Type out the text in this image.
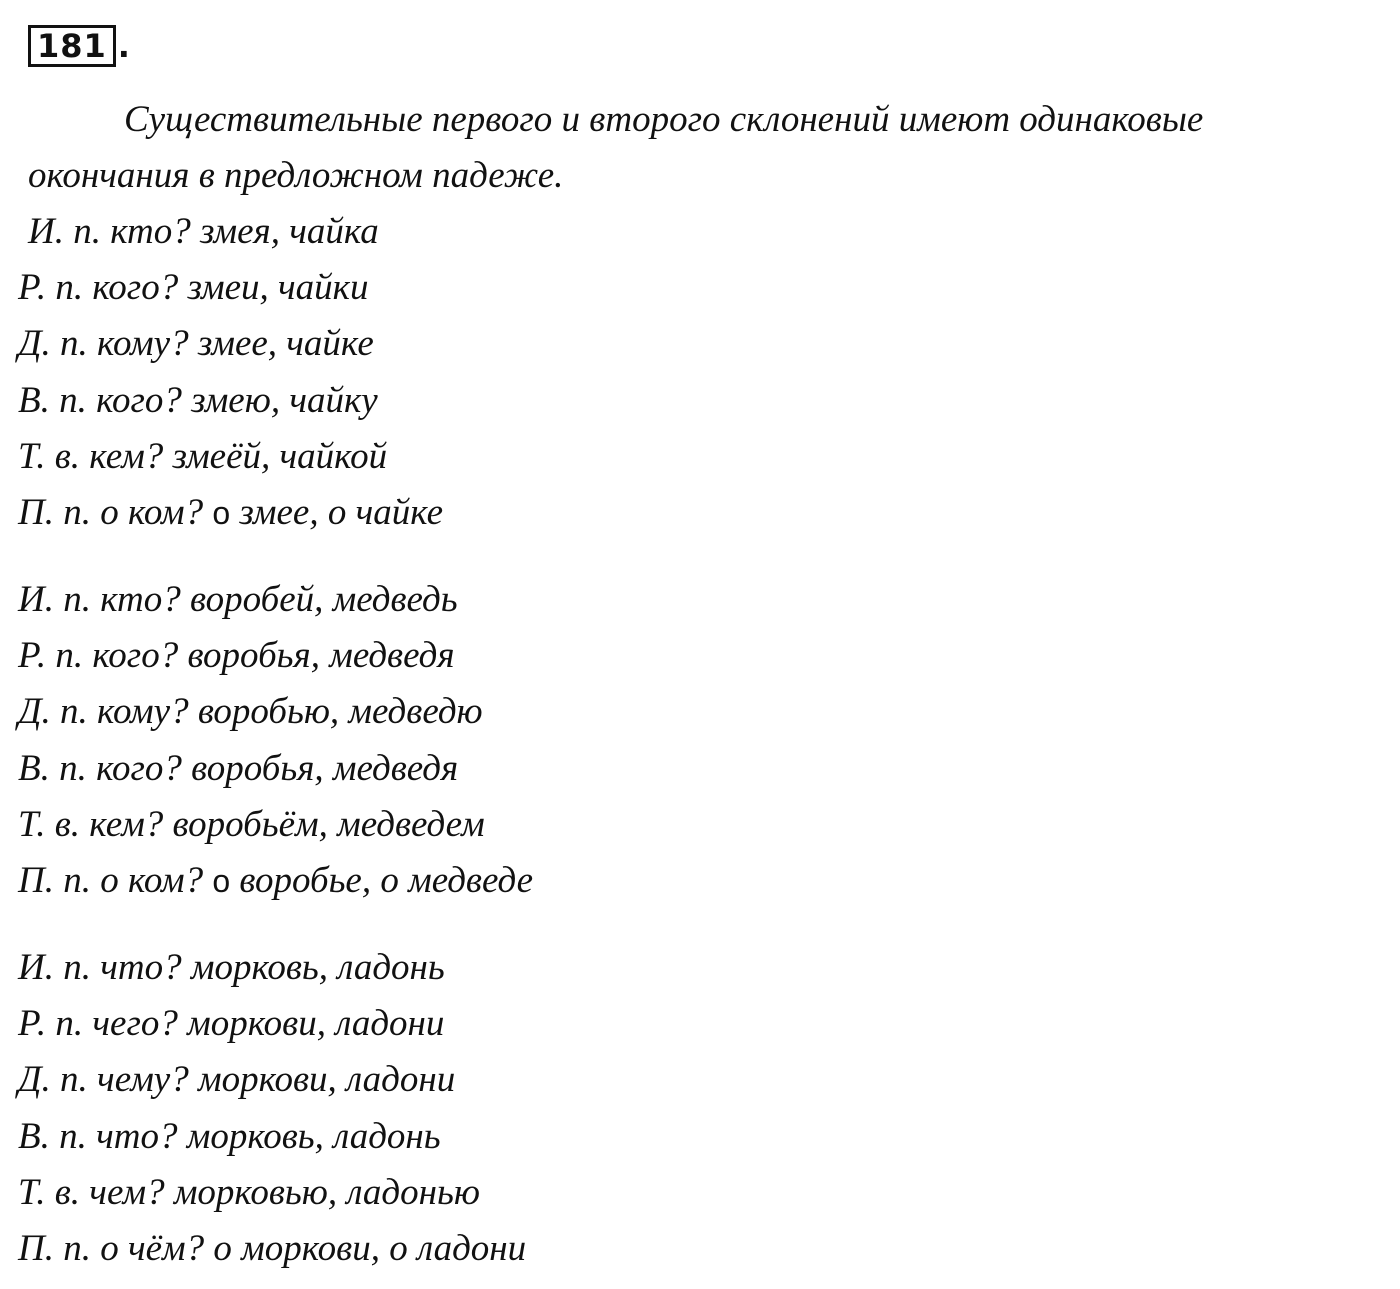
181 .

Существительные первого и второго склонений имеют одинаковые
окончания в предложном падеже.

И. п. кто? змея, чайка
Р. п. кого? змеи, чайки
Д. п. кому? змее, чайке
В. п. кого? змею, чайку
Т. в. кем? змеёй, чайкой
П. п. о ком? о змее, о чайке
И. п. кто? воробей, медведь
Р. п. кого? воробья, медведя
Д. п. кому? воробью, медведю
В. п. кого? воробья, медведя
Т. в. кем? воробьём, медведем
П. п. о ком? о воробье, о медведе
И. п. что? морковь, ладонь
Р. п. чего? моркови, ладони
Д. п. чему? моркови, ладони
В. п. что? морковь, ладонь
Т. в. чем? морковью, ладонью
П. п. о чём? о моркови, о ладони
